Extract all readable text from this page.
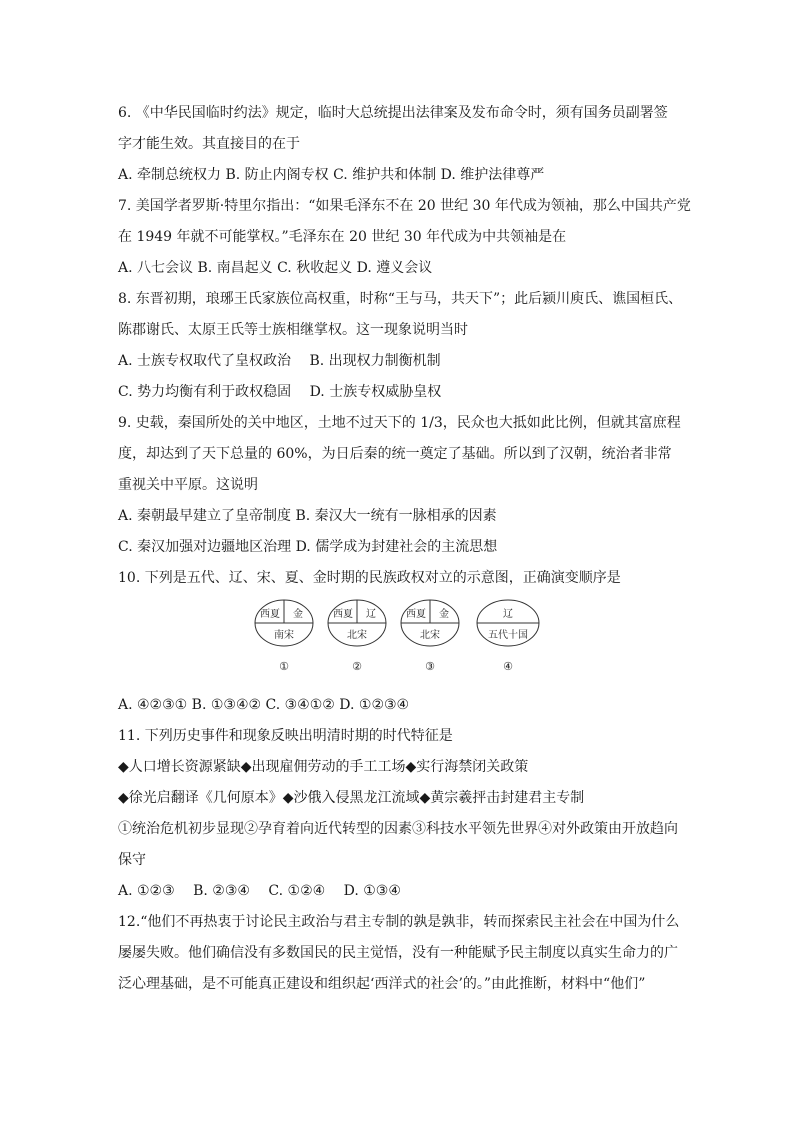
6. 《中华民国临时约法》规定，临时大总统提出法律案及发布命令时，须有国务员副署签
字才能生效。其直接目的在于
A. 牵制总统权力 B. 防止内阁专权 C. 维护共和体制 D. 维护法律尊严
7. 美国学者罗斯·特里尔指出：“如果毛泽东不在 20 世纪 30 年代成为领袖，那么中国共产党
在 1949 年就不可能掌权。”毛泽东在 20 世纪 30 年代成为中共领袖是在
A. 八七会议 B. 南昌起义 C. 秋收起义 D. 遵义会议
8. 东晋初期，琅琊王氏家族位高权重，时称“王与马，共天下”；此后颍川庾氏、谯国桓氏、
陈郡谢氏、太原王氏等士族相继掌权。这一现象说明当时
A. 士族专权取代了皇权政治　 B. 出现权力制衡机制
C. 势力均衡有利于政权稳固　 D. 士族专权威胁皇权
9. 史载，秦国所处的关中地区，土地不过天下的 1/3，民众也大抵如此比例，但就其富庶程
度，却达到了天下总量的 60%，为日后秦的统一奠定了基础。所以到了汉朝，统治者非常
重视关中平原。这说明
A. 秦朝最早建立了皇帝制度 B. 秦汉大一统有一脉相承的因素
C. 秦汉加强对边疆地区治理 D. 儒学成为封建社会的主流思想
10. 下列是五代、辽、宋、夏、金时期的民族政权对立的示意图，正确演变顺序是
西夏 金
南宋
①
西夏 辽
北宋
②
西夏 金
北宋
③
辽
五代十国
④
A. ④②③① B. ①③④② C. ③④①② D. ①②③④
11. 下列历史事件和现象反映出明清时期的时代特征是
◆人口增长资源紧缺◆出现雇佣劳动的手工工场◆实行海禁闭关政策
◆徐光启翻译《几何原本》◆沙俄入侵黑龙江流域◆黄宗羲抨击封建君主专制
①统治危机初步显现②孕育着向近代转型的因素③科技水平领先世界④对外政策由开放趋向
保守
A. ①②③　 B. ②③④　 C. ①②④　 D. ①③④
12.“他们不再热衷于讨论民主政治与君主专制的孰是孰非，转而探索民主社会在中国为什么
屡屡失败。他们确信没有多数国民的民主觉悟，没有一种能赋予民主制度以真实生命力的广
泛心理基础，是不可能真正建设和组织起‘西洋式的社会’的。”由此推断，材料中“他们”
